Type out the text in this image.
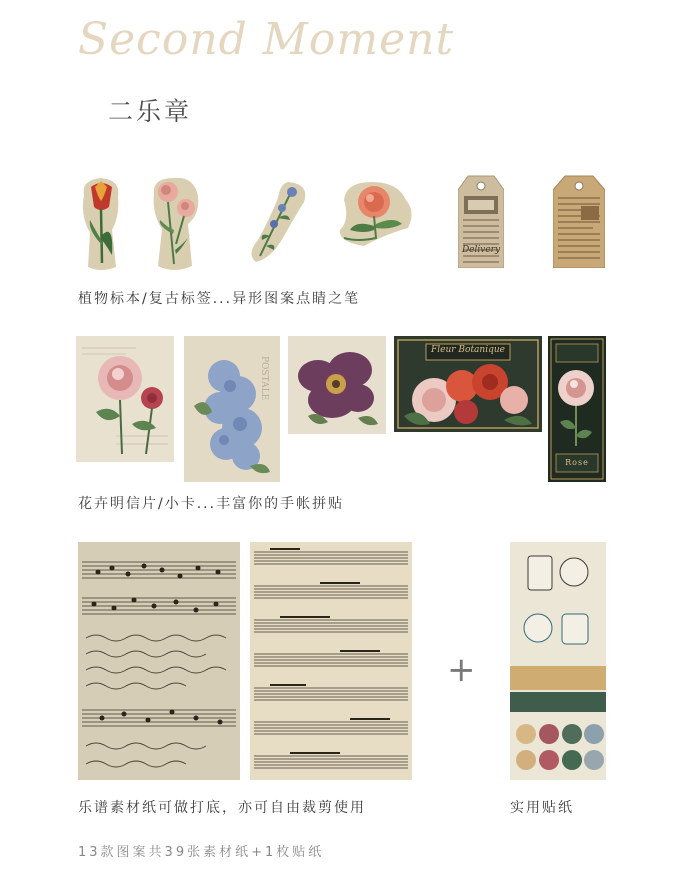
Second Moment
二乐章
Delivery
植物标本/复古标签...异形图案点睛之笔
POSTALE
Fleur Botanique
Rose
花卉明信片/小卡...丰富你的手帐拼贴
+
乐谱素材纸可做打底，亦可自由裁剪使用	实用贴纸
13款图案共39张素材纸+1枚贴纸
